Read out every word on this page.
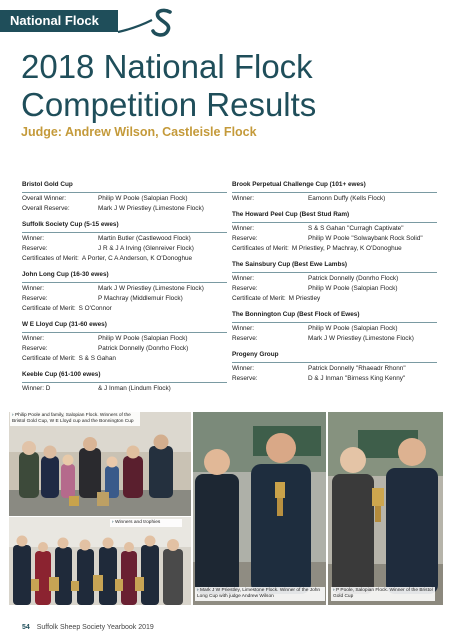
National Flock
2018 National Flock
Competition Results
Judge: Andrew Wilson, Castleisle Flock
Bristol Gold Cup
Overall Winner:	Philip W Poole (Salopian Flock)
Overall Reserve:	Mark J W Priestley (Limestone Flock)
Suffolk Society Cup (5-15 ewes)
Winner:	Martin Butler (Castlewood Flock)
Reserve:	J R & J A Irving (Glenreiver Flock)
Certificates of Merit: A Porter, C A Anderson, K O'Donoghue
John Long Cup (16-30 ewes)
Winner:	Mark J W Priestley (Limestone Flock)
Reserve:	P Machray (Middlemuir Flock)
Certificate of Merit: S O'Connor
W E Lloyd Cup (31-60 ewes)
Winner:	Philip W Poole (Salopian Flock)
Reserve:	Patrick Donnelly (Donrho Flock)
Certificate of Merit: S & S Gahan
Keeble Cup (61-100 ewes)
Winner: D	& J Inman (Lindum Flock)
Brook Perpetual Challenge Cup (101+ ewes)
Winner:	Eamonn Duffy (Kells Flock)
The Howard Peel Cup (Best Stud Ram)
Winner:	S & S Gahan "Curragh Captivate"
Reserve:	Philip W Poole "Solwaybank Rock Solid"
Certificates of Merit: M Priestley, P Machray, K O'Donoghue
The Sainsbury Cup (Best Ewe Lambs)
Winner:	Patrick Donnelly (Donrho Flock)
Reserve:	Philip W Poole (Salopian Flock)
Certificate of Merit: M Priestley
The Bonnington Cup (Best Flock of Ewes)
Winner:	Philip W Poole (Salopian Flock)
Reserve:	Mark J W Priestley (Limestone Flock)
Progeny Group
Winner:	Patrick Donnelly "Rhaeadr Rhonn"
Reserve:	D & J Inman "Birness King Kenny"
› Philip Poole and family, Salopian Flock. Winners of the Bristol Gold Cup, W E Lloyd cup and the Bonnington Cup
› Winners and trophies
› Mark J W Priestley, Limestone Flock. Winner of the John Long Cup with judge Andrew Wilson
› P Poole, Salopian Flock. Winner of the Bristol Gold Cup
54 Suffolk Sheep Society Yearbook 2019
